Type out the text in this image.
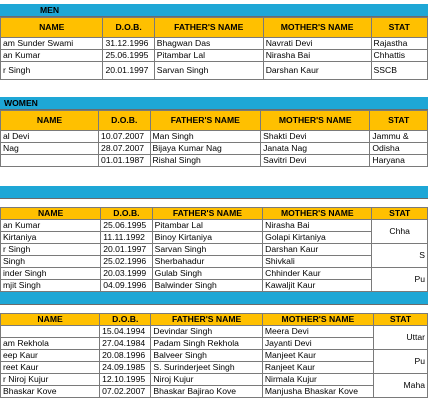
MEN
NAME	D.O.B.	FATHER'S NAME	MOTHER'S NAME	STAT
am Sunder Swami	31.12.1996	Bhagwan Das	Navrati Devi	Rajastha
an Kumar	25.06.1995	Pitambar Lal	Nirasha Bai	Chhattis
r Singh	20.01.1997	Sarvan Singh	Darshan Kaur	SSCB
WOMEN
NAME	D.O.B.	FATHER'S NAME	MOTHER'S NAME	STAT
al Devi	10.07.2007	Man Singh	Shakti Devi	Jammu &
Nag	28.07.2007	Bijaya Kumar Nag	Janata Nag	Odisha
	01.01.1987	Rishal Singh	Savitri Devi	Haryana
NAME	D.O.B.	FATHER'S NAME	MOTHER'S NAME	STAT
an Kumar	25.06.1995	Pitambar Lal	Nirasha Bai	Chha
Kirtaniya	11.11.1992	Binoy Kirtaniya	Golapi Kirtaniya	
r Singh	20.01.1997	Sarvan Singh	Darshan Kaur	S
Singh	25.02.1996	Sherbahadur	Shivkali	
inder Singh	20.03.1999	Gulab Singh	Chhinder Kaur	Pu
mjit Singh	04.09.1996	Balwinder Singh	Kawaljit Kaur	
NAME	D.O.B.	FATHER'S NAME	MOTHER'S NAME	STAT
	15.04.1994	Devindar Singh	Meera Devi	Uttar
am Rekhola	27.04.1984	Padam Singh Rekhola	Jayanti Devi	
eep Kaur	20.08.1996	Balveer Singh	Manjeet Kaur	Pu
reet Kaur	24.09.1985	S. Surinderjeet Singh	Ranjeet Kaur	
r Niroj Kujur	12.10.1995	Niroj Kujur	Nirmala Kujur	Maha
Bhaskar Kove	07.02.2007	Bhaskar Bajirao Kove	Manjusha Bhaskar Kove	
